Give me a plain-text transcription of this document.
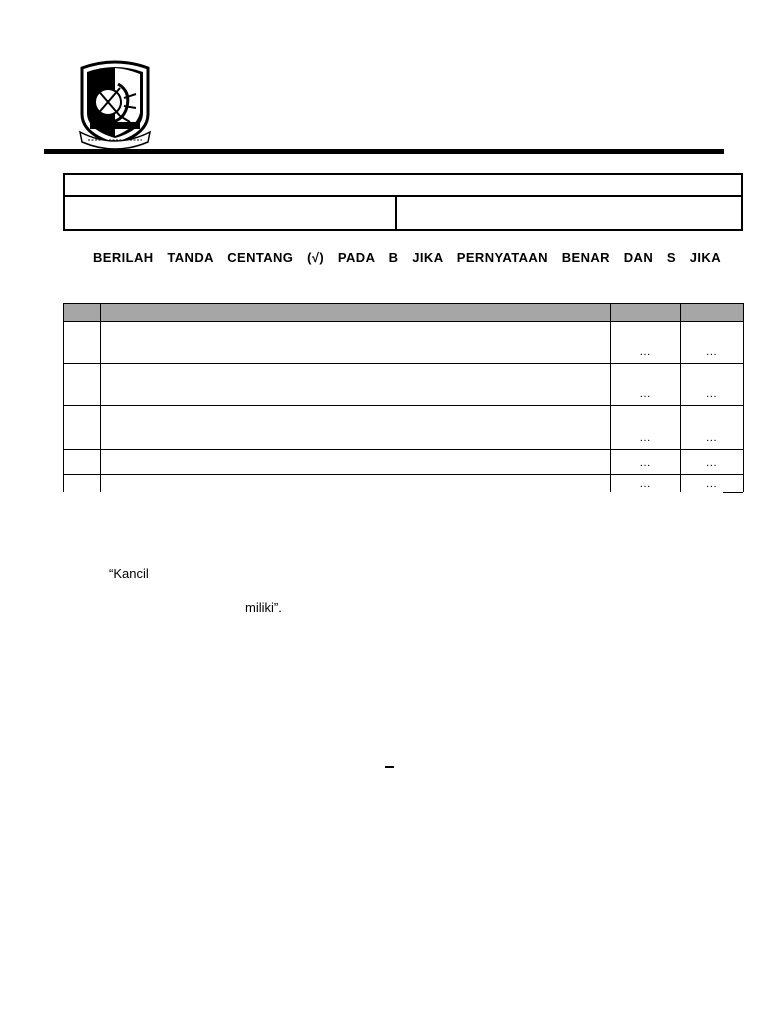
BERILAH TANDA CENTANG (√) PADA B JIKA PERNYATAAN BENAR DAN S JIKA

		…	…
		…	…
		…	…
		…	…
		…	…
“Kancil
miliki”.
